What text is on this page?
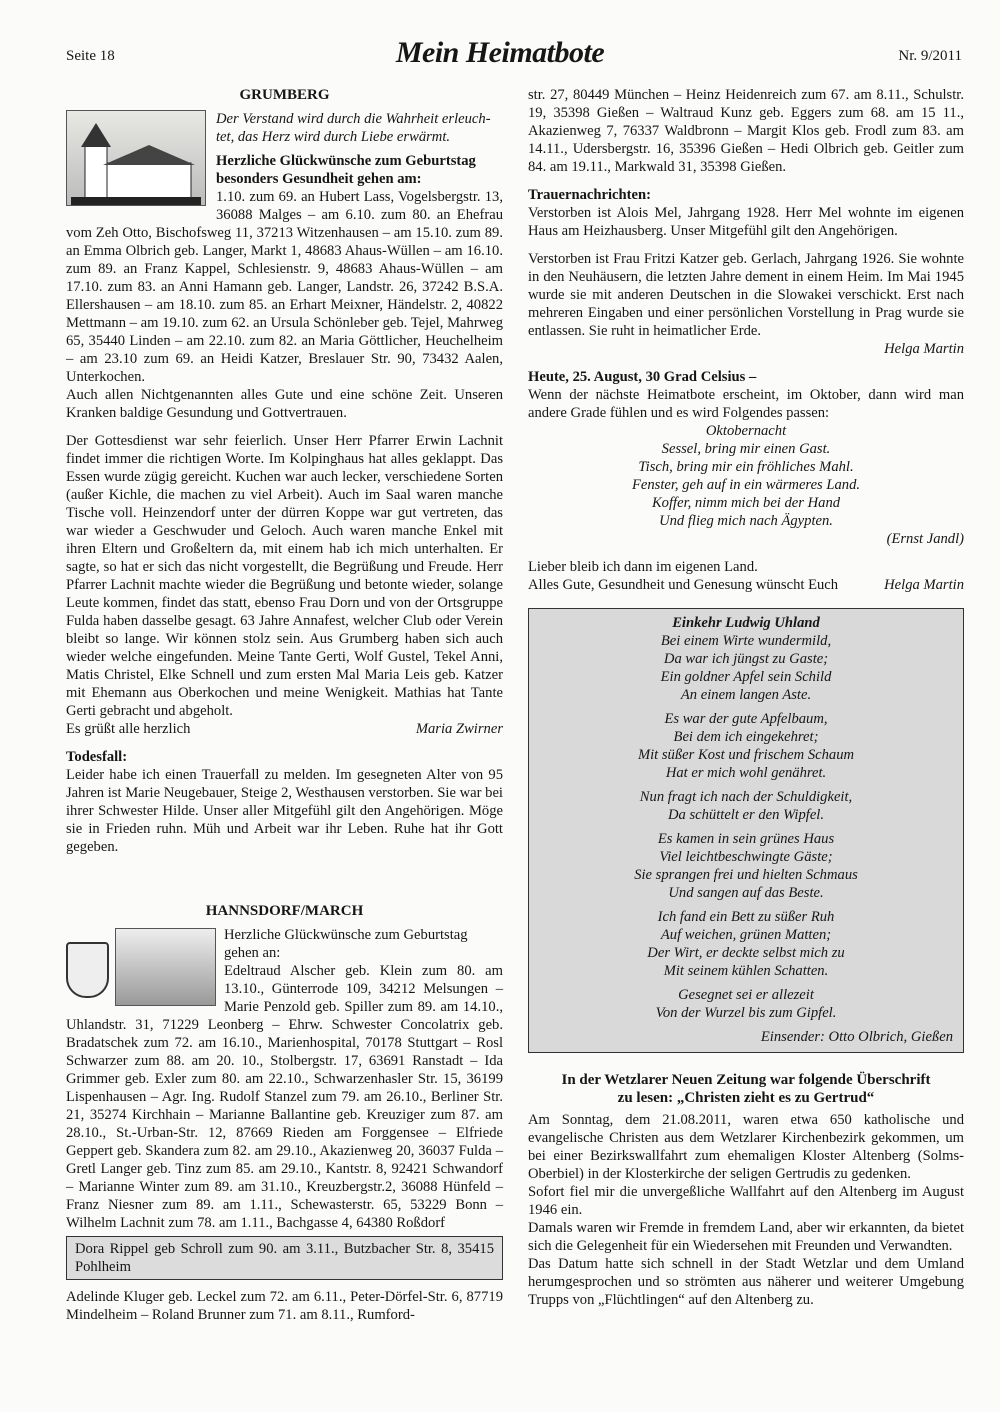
Seite 18	Mein Heimatbote	Nr. 9/2011
GRUMBERG

Der Verstand wird durch die Wahrheit erleuch-

tet, das Herz wird durch Liebe erwärmt.

Herzliche Glückwünsche zum Geburtstag

besonders Gesundheit gehen am:

1.10. zum 69. an Hubert Lass, Vogelsbergstr. 13, 36088 Malges – am 6.10. zum 80. an Ehefrau vom Zeh Otto, Bischofsweg 11, 37213 Witzenhausen – am 15.10. zum 89. an Emma Olbrich geb. Langer, Markt 1, 48683 Ahaus-Wüllen – am 16.10. zum 89. an Franz Kappel, Schlesienstr. 9, 48683 Ahaus-Wüllen – am 17.10. zum 83. an Anni Hamann geb. Langer, Landstr. 26, 37242 B.S.A. Ellershausen – am 18.10. zum 85. an Erhart Meixner, Händelstr. 2, 40822 Mettmann – am 19.10. zum 62. an Ursula Schönleber geb. Tejel, Mahrweg 65, 35440 Linden – am 22.10. zum 82. an Maria Göttlicher, Heuchelheim – am 23.10 zum 69. an Heidi Katzer, Breslauer Str. 90, 73432 Aalen, Unterkochen.

Auch allen Nichtgenannten alles Gute und eine schöne Zeit. Unseren Kranken baldige Gesundung und Gottvertrauen.

Der Gottesdienst war sehr feierlich. Unser Herr Pfarrer Erwin Lachnit findet immer die richtigen Worte. Im Kolpinghaus hat alles geklappt. Das Essen wurde zügig gereicht. Kuchen war auch lecker, verschiedene Sorten (außer Kichle, die machen zu viel Arbeit). Auch im Saal waren manche Tische voll. Heinzendorf unter der dürren Koppe war gut vertreten, das war wieder a Geschwuder und Geloch. Auch waren manche Enkel mit ihren Eltern und Großeltern da, mit einem hab ich mich unterhalten. Er sagte, so hat er sich das nicht vorgestellt, die Begrüßung und Freude. Herr Pfarrer Lachnit machte wieder die Begrüßung und betonte wieder, solange Leute kommen, findet das statt, ebenso Frau Dorn und von der Ortsgruppe Fulda haben dasselbe gesagt. 63 Jahre Annafest, welcher Club oder Verein bleibt so lange. Wir können stolz sein. Aus Grumberg haben sich auch wieder welche eingefunden. Meine Tante Gerti, Wolf Gustel, Tekel Anni, Matis Christel, Elke Schnell und zum ersten Mal Maria Leis geb. Katzer mit Ehemann aus Oberkochen und meine Wenigkeit. Mathias hat Tante Gerti gebracht und abgeholt.

Es grüßt alle herzlich	Maria Zwirner

Todesfall:

Leider habe ich einen Trauerfall zu melden. Im gesegneten Alter von 95 Jahren ist Marie Neugebauer, Steige 2, Westhausen verstorben. Sie war bei ihrer Schwester Hilde. Unser aller Mitgefühl gilt den Angehörigen. Möge sie in Frieden ruhn. Müh und Arbeit war ihr Leben. Ruhe hat ihr Gott gegeben.

HANNSDORF/MARCH

Herzliche Glückwünsche zum Geburtstag

gehen an:

Edeltraud Alscher geb. Klein zum 80. am 13.10., Günterrode 109, 34212 Melsungen – Marie Penzold geb. Spiller zum 89. am 14.10., Uhlandstr. 31, 71229 Leonberg – Ehrw. Schwester Concolatrix geb. Bradatschek zum 72. am 16.10., Marienhospital, 70178 Stuttgart – Rosl Schwarzer zum 88. am 20. 10., Stolbergstr. 17, 63691 Ranstadt – Ida Grimmer geb. Exler zum 80. am 22.10., Schwarzenhasler Str. 15, 36199 Lispenhausen – Agr. Ing. Rudolf Stanzel zum 79. am 26.10., Berliner Str. 21, 35274 Kirchhain – Marianne Ballantine geb. Kreuziger zum 87. am 28.10., St.-Urban-Str. 12, 87669 Rieden am Forggensee – Elfriede Geppert geb. Skandera zum 82. am 29.10., Akazienweg 20, 36037 Fulda – Gretl Langer geb. Tinz zum 85. am 29.10., Kantstr. 8, 92421 Schwandorf – Marianne Winter zum 89. am 31.10., Kreuzbergstr.2, 36088 Hünfeld – Franz Niesner zum 89. am 1.11., Schewasterstr. 65, 53229 Bonn – Wilhelm Lachnit zum 78. am 1.11., Bachgasse 4, 64380 Roßdorf

Dora Rippel geb Schroll zum 90. am 3.11., Butzbacher Str. 8, 35415 Pohlheim

Adelinde Kluger geb. Leckel zum 72. am 6.11., Peter-Dörfel-Str. 6, 87719 Mindelheim – Roland Brunner zum 71. am 8.11., Rumford-

str. 27, 80449 München – Heinz Heidenreich zum 67. am 8.11., Schulstr. 19, 35398 Gießen – Waltraud Kunz geb. Eggers zum 68. am 15 11., Akazienweg 7, 76337 Waldbronn – Margit Klos geb. Frodl zum 83. am 14.11., Udersbergstr. 16, 35396 Gießen – Hedi Olbrich geb. Geitler zum 84. am 19.11., Markwald 31, 35398 Gießen.

Trauernachrichten:

Verstorben ist Alois Mel, Jahrgang 1928. Herr Mel wohnte im eigenen Haus am Heizhausberg. Unser Mitgefühl gilt den Angehörigen.

Verstorben ist Frau Fritzi Katzer geb. Gerlach, Jahrgang 1926. Sie wohnte in den Neuhäusern, die letzten Jahre dement in einem Heim. Im Mai 1945 wurde sie mit anderen Deutschen in die Slowakei verschickt. Erst nach mehreren Eingaben und einer persönlichen Vorstellung in Prag wurde sie entlassen. Sie ruht in heimatlicher Erde.

Helga Martin

Heute, 25. August, 30 Grad Celsius –

Wenn der nächste Heimatbote erscheint, im Oktober, dann wird man andere Grade fühlen und es wird Folgendes passen:

Oktobernacht

Sessel, bring mir einen Gast.

Tisch, bring mir ein fröhliches Mahl.

Fenster, geh auf in ein wärmeres Land.

Koffer, nimm mich bei der Hand

Und flieg mich nach Ägypten.

(Ernst Jandl)

Lieber bleib ich dann im eigenen Land.

Alles Gute, Gesundheit und Genesung wünscht Euch	Helga Martin

Einkehr Ludwig Uhland

Bei einem Wirte wundermild,

Da war ich jüngst zu Gaste;

Ein goldner Apfel sein Schild

An einem langen Aste.

Es war der gute Apfelbaum,

Bei dem ich eingekehret;

Mit süßer Kost und frischem Schaum

Hat er mich wohl genähret.

Nun fragt ich nach der Schuldigkeit,

Da schüttelt er den Wipfel.

Es kamen in sein grünes Haus

Viel leichtbeschwingte Gäste;

Sie sprangen frei und hielten Schmaus

Und sangen auf das Beste.

Ich fand ein Bett zu süßer Ruh

Auf weichen, grünen Matten;

Der Wirt, er deckte selbst mich zu

Mit seinem kühlen Schatten.

Gesegnet sei er allezeit

Von der Wurzel bis zum Gipfel.

Einsender: Otto Olbrich, Gießen

In der Wetzlarer Neuen Zeitung war folgende Überschrift
zu lesen: „Christen zieht es zu Gertrud“

Am Sonntag, dem 21.08.2011, waren etwa 650 katholische und evangelische Christen aus dem Wetzlarer Kirchenbezirk gekommen, um bei einer Bezirkswallfahrt zum ehemaligen Kloster Altenberg (Solms-Oberbiel) in der Klosterkirche der seligen Gertrudis zu gedenken.

Sofort fiel mir die unvergeßliche Wallfahrt auf den Altenberg im August 1946 ein.

Damals waren wir Fremde in fremdem Land, aber wir erkannten, da bietet sich die Gelegenheit für ein Wiedersehen mit Freunden und Verwandten.

Das Datum hatte sich schnell in der Stadt Wetzlar und dem Umland herumgesprochen und so strömten aus näherer und weiterer Umgebung Trupps von „Flüchtlingen“ auf den Altenberg zu.
